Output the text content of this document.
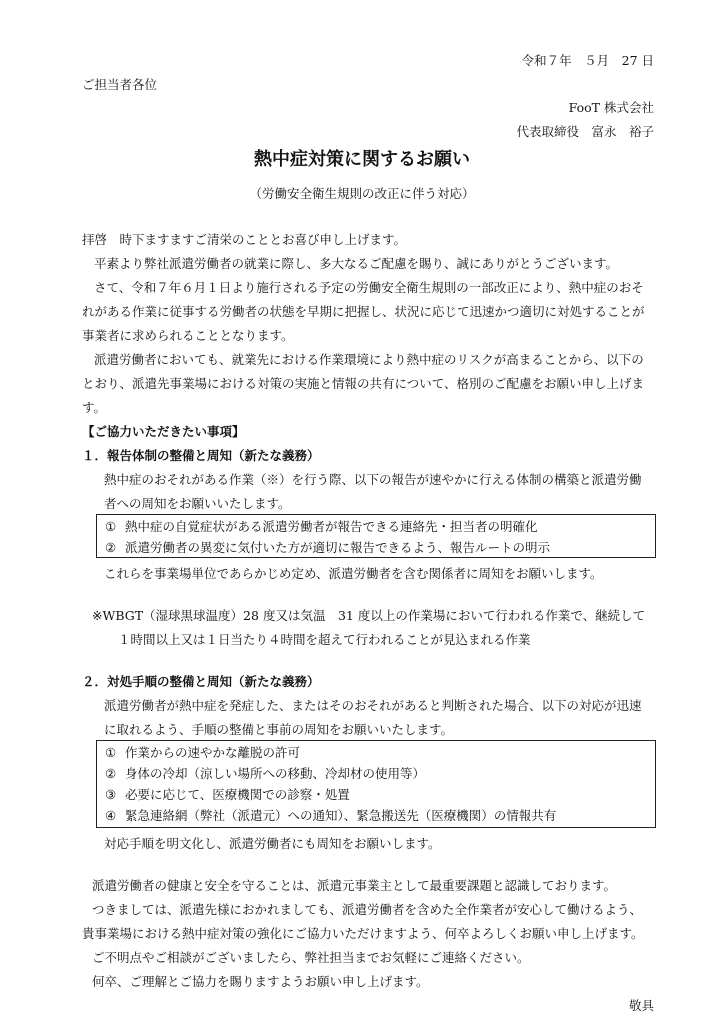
令和７年　５月　27 日
ご担当者各位
FooT 株式会社
代表取締役　富永　裕子
熱中症対策に関するお願い
（労働安全衛生規則の改正に伴う対応）
拝啓　時下ますますご清栄のこととお喜び申し上げます。
平素より弊社派遣労働者の就業に際し、多大なるご配慮を賜り、誠にありがとうございます。
さて、令和７年６月１日より施行される予定の労働安全衛生規則の一部改正により、熱中症のおそ
れがある作業に従事する労働者の状態を早期に把握し、状況に応じて迅速かつ適切に対処することが
事業者に求められることとなります。
派遣労働者においても、就業先における作業環境により熱中症のリスクが高まることから、以下の
とおり、派遣先事業場における対策の実施と情報の共有について、格別のご配慮をお願い申し上げま
す。
【ご協力いただきたい事項】
１．報告体制の整備と周知（新たな義務）
熱中症のおそれがある作業（※）を行う際、以下の報告が速やかに行える体制の構築と派遣労働
者への周知をお願いいたします。
① 熱中症の自覚症状がある派遣労働者が報告できる連絡先・担当者の明確化
② 派遣労働者の異変に気付いた方が適切に報告できるよう、報告ルートの明示
これらを事業場単位であらかじめ定め、派遣労働者を含む関係者に周知をお願いします。
※WBGT（湿球黒球温度）28 度又は気温　31 度以上の作業場において行われる作業で、継続して
１時間以上又は１日当たり４時間を超えて行われることが見込まれる作業
２．対処手順の整備と周知（新たな義務）
派遣労働者が熱中症を発症した、またはそのおそれがあると判断された場合、以下の対応が迅速
に取れるよう、手順の整備と事前の周知をお願いいたします。
① 作業からの速やかな離脱の許可
② 身体の冷却（涼しい場所への移動、冷却材の使用等）
③ 必要に応じて、医療機関での診察・処置
④ 緊急連絡網（弊社（派遣元）への通知）、緊急搬送先（医療機関）の情報共有
対応手順を明文化し、派遣労働者にも周知をお願いします。
派遣労働者の健康と安全を守ることは、派遣元事業主として最重要課題と認識しております。
つきましては、派遣先様におかれましても、派遣労働者を含めた全作業者が安心して働けるよう、
貴事業場における熱中症対策の強化にご協力いただけますよう、何卒よろしくお願い申し上げます。
ご不明点やご相談がございましたら、弊社担当までお気軽にご連絡ください。
何卒、ご理解とご協力を賜りますようお願い申し上げます。
敬具
